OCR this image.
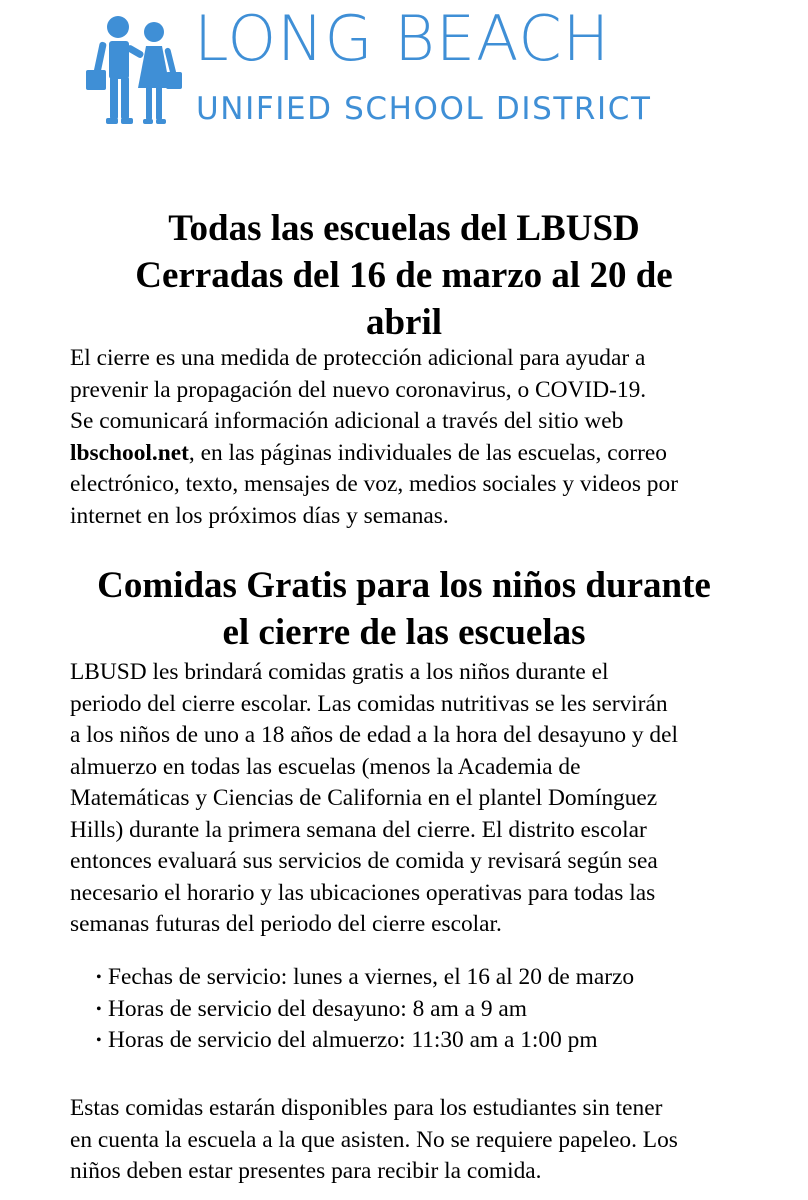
LONG BEACH
UNIFIED SCHOOL DISTRICT
Todas las escuelas del LBUSD
Cerradas del 16 de marzo al 20 de
abril

El cierre es una medida de protección adicional para ayudar a
prevenir la propagación del nuevo coronavirus, o COVID-19.
Se comunicará información adicional a través del sitio web
lbschool.net, en las páginas individuales de las escuelas, correo
electrónico, texto, mensajes de voz, medios sociales y videos por
internet en los próximos días y semanas.

Comidas Gratis para los niños durante
el cierre de las escuelas

LBUSD les brindará comidas gratis a los niños durante el
periodo del cierre escolar. Las comidas nutritivas se les servirán
a los niños de uno a 18 años de edad a la hora del desayuno y del
almuerzo en todas las escuelas (menos la Academia de
Matemáticas y Ciencias de California en el plantel Domínguez
Hills) durante la primera semana del cierre. El distrito escolar
entonces evaluará sus servicios de comida y revisará según sea
necesario el horario y las ubicaciones operativas para todas las
semanas futuras del periodo del cierre escolar.

• Fechas de servicio: lunes a viernes, el 16 al 20 de marzo
• Horas de servicio del desayuno: 8 am a 9 am
• Horas de servicio del almuerzo: 11:30 am a 1:00 pm

Estas comidas estarán disponibles para los estudiantes sin tener
en cuenta la escuela a la que asisten. No se requiere papeleo. Los
niños deben estar presentes para recibir la comida.
